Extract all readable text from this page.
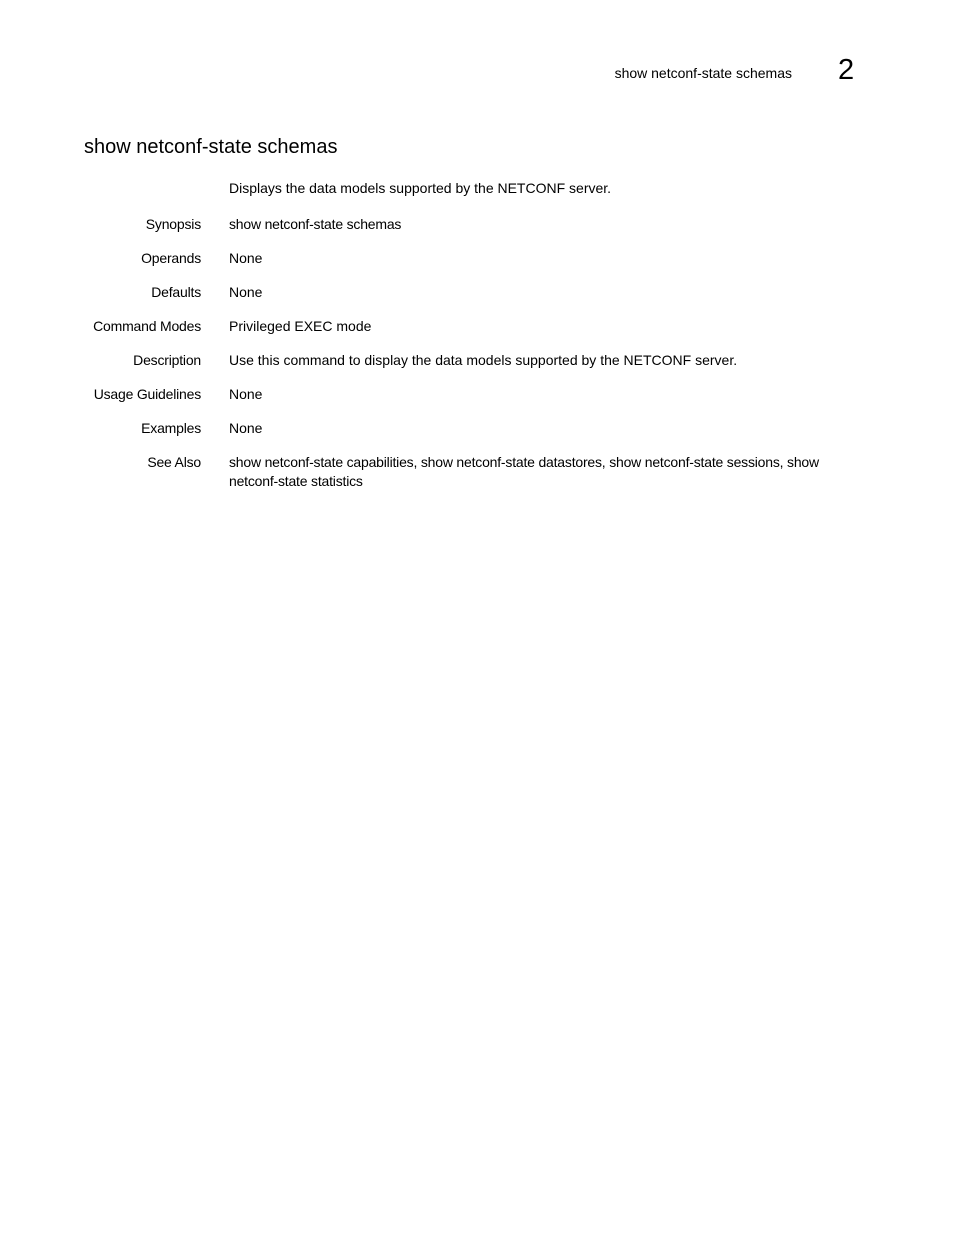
show netconf-state schemas 2
show netconf-state schemas
Displays the data models supported by the NETCONF server.
Synopsis show netconf-state schemas
Operands None
Defaults None
Command Modes Privileged EXEC mode
Description Use this command to display the data models supported by the NETCONF server.
Usage Guidelines None
Examples None
See Also show netconf-state capabilities, show netconf-state datastores, show netconf-state sessions, show netconf-state statistics
